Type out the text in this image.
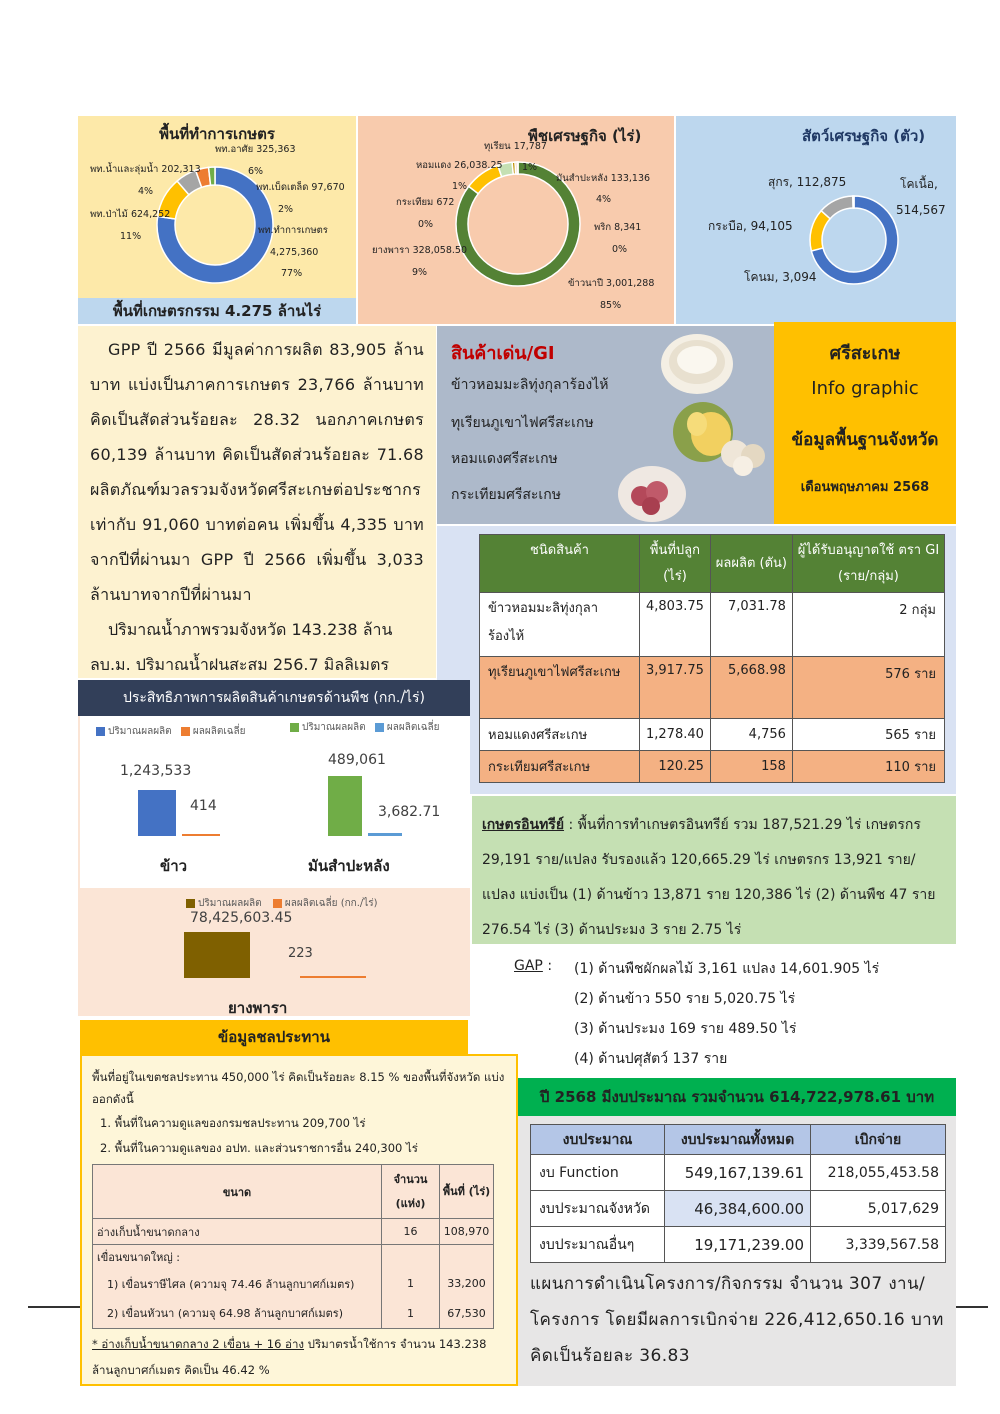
พื้นที่ทำการเกษตร
พท.อาศัย 325,363
6%
พท.น้ำและลุ่มน้ำ 202,313
4%	พท.เบ็ดเตล็ด 97,670
2%
พท.ป่าไม้ 624,252
11%
พท.ทำการเกษตร
4,275,360
77%
พื้นที่เกษตรกรรม 4.275 ล้านไร่
พืชเศรษฐกิจ (ไร่)
ทุเรียน 17,787
1%
หอมแดง 26,038.25
1%
มันสำปะหลัง 133,136
4%
กระเทียม 672
0%	พริก 8,341
0%
ยางพารา 328,058.50
9%
ข้าวนาปี 3,001,288
85%
สัตว์เศรษฐกิจ (ตัว)
สุกร, 112,875	โคเนื้อ,
514,567
กระบือ, 94,105
โคนม, 3,094
GPP ปี 2566 มีมูลค่าการผลิต 83,905 ล้านบาท แบ่งเป็นภาคการเกษตร 23,766 ล้านบาท คิดเป็นสัดส่วนร้อยละ 28.32 นอกภาคเกษตร 60,139 ล้านบาท คิดเป็นสัดส่วนร้อยละ 71.68 ผลิตภัณฑ์มวลรวมจังหวัดศรีสะเกษต่อประชากร เท่ากับ 91,060 บาทต่อคน เพิ่มขึ้น 4,335 บาทจากปีที่ผ่านมา GPP ปี 2566 เพิ่มขึ้น 3,033 ล้านบาทจากปีที่ผ่านมา
ปริมาณน้ำภาพรวมจังหวัด 143.238 ล้าน ลบ.ม. ปริมาณน้ำฝนสะสม 256.7 มิลลิเมตร
สินค้าเด่น/GI
ข้าวหอมมะลิทุ่งกุลาร้องไห้
ทุเรียนภูเขาไฟศรีสะเกษ
หอมแดงศรีสะเกษ
กระเทียมศรีสะเกษ
ศรีสะเกษ
Info graphic
ข้อมูลพื้นฐานจังหวัด
เดือนพฤษภาคม 2568
ชนิดสินค้า	พื้นที่ปลูก (ไร่)	ผลผลิต (ตัน)	ผู้ได้รับอนุญาตใช้ ตรา GI (ราย/กลุ่ม)
ข้าวหอมมะลิทุ่งกุลาร้องไห้	4,803.75	7,031.78	2 กลุ่ม
ทุเรียนภูเขาไฟศรีสะเกษ	3,917.75	5,668.98	576 ราย
หอมแดงศรีสะเกษ	1,278.40	4,756	565 ราย
กระเทียมศรีสะเกษ	120.25	158	110 ราย
ประสิทธิภาพการผลิตสินค้าเกษตรด้านพืช (กก./ไร่)
ปริมาณผลผลิต ผลผลิตเฉลี่ย
1,243,533
414
ข้าว
ปริมาณผลผลิต ผลผลิตเฉลี่ย
489,061
3,682.71
มันสำปะหลัง
ปริมาณผลผลิต ผลผลิตเฉลี่ย (กก./ไร่)
78,425,603.45
223
ยางพารา
เกษตรอินทรีย์ : พื้นที่การทำเกษตรอินทรีย์ รวม 187,521.29 ไร่ เกษตรกร 29,191 ราย/แปลง รับรองแล้ว 120,665.29 ไร่ เกษตรกร 13,921 ราย/แปลง แบ่งเป็น (1) ด้านข้าว 13,871 ราย 120,386 ไร่ (2) ด้านพืช 47 ราย 276.54 ไร่ (3) ด้านประมง 3 ราย 2.75 ไร่
GAP : (1) ด้านพืชผักผลไม้ 3,161 แปลง 14,601.905 ไร่
(2) ด้านข้าว 550 ราย 5,020.75 ไร่
(3) ด้านประมง 169 ราย 489.50 ไร่
(4) ด้านปศุสัตว์ 137 ราย
ข้อมูลชลประทาน
พื้นที่อยู่ในเขตชลประทาน 450,000 ไร่ คิดเป็นร้อยละ 8.15 % ของพื้นที่จังหวัด แบ่งออกดังนี้
1. พื้นที่ในความดูแลของกรมชลประทาน 209,700 ไร่
2. พื้นที่ในความดูแลของ อปท. และส่วนราชการอื่น 240,300 ไร่
ขนาด	จำนวน (แห่ง)	พื้นที่ (ไร่)
อ่างเก็บน้ำขนาดกลาง	16	108,970
เขื่อนขนาดใหญ่ :		
1) เขื่อนราษีไศล (ความจุ 74.46 ล้านลูกบาศก์เมตร)	1	33,200
2) เขื่อนหัวนา (ความจุ 64.98 ล้านลูกบาศก์เมตร)	1	67,530
* อ่างเก็บน้ำขนาดกลาง 2 เขื่อน + 16 อ่าง ปริมาตรน้ำใช้การ จำนวน 143.238 ล้านลูกบาศก์เมตร คิดเป็น 46.42 %
ปี 2568 มีงบประมาณ รวมจำนวน 614,722,978.61 บาท
งบประมาณ	งบประมาณทั้งหมด	เบิกจ่าย
งบ Function	549,167,139.61	218,055,453.58
งบประมาณจังหวัด	46,384,600.00	5,017,629
งบประมาณอื่นๆ	19,171,239.00	3,339,567.58
แผนการดำเนินโครงการ/กิจกรรม จำนวน 307 งาน/โครงการ โดยมีผลการเบิกจ่าย 226,412,650.16 บาท คิดเป็นร้อยละ 36.83
